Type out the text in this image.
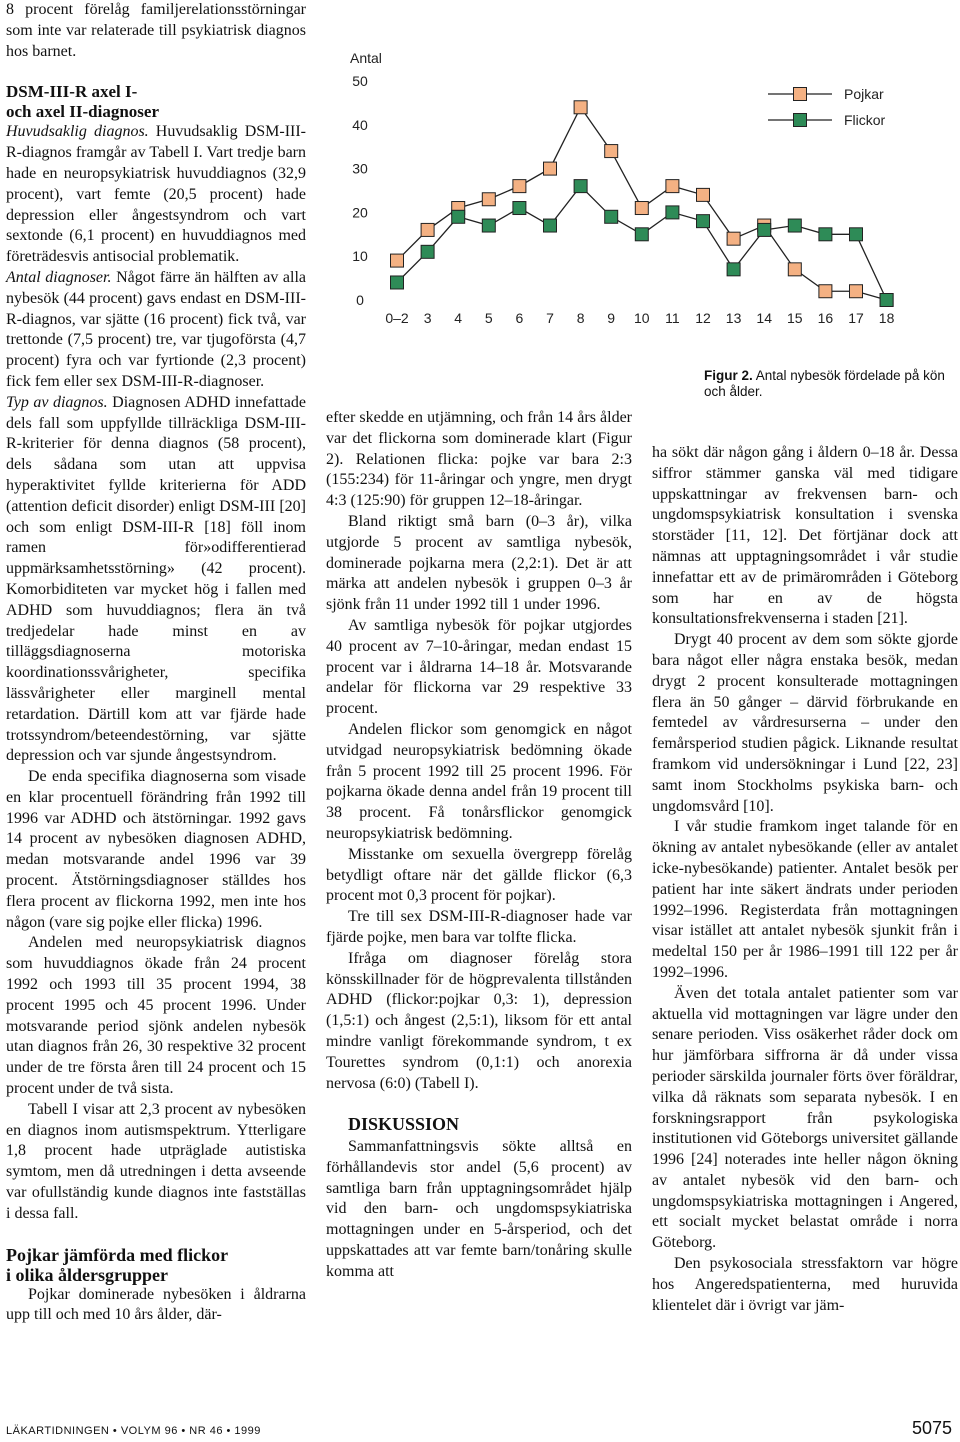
8 procent förelåg familjerelationsstörningar som inte var relaterade till psykiatrisk diagnos hos barnet.

DSM-III-R axel I-
och axel II-diagnoser

Huvudsaklig diagnos. Huvudsaklig DSM-III-R-diagnos framgår av Tabell I. Vart tredje barn hade en neuropsykiatrisk huvuddiagnos (32,9 procent), vart femte (20,5 procent) hade depression eller ångestsyndrom och vart sextonde (6,1 procent) en huvuddiagnos med företrädesvis antisocial problematik.

Antal diagnoser. Något färre än hälften av alla nybesök (44 procent) gavs endast en DSM-III-R-diagnos, var sjätte (16 procent) fick två, var trettonde (7,5 procent) tre, var tjugoförsta (4,7 procent) fyra och var fyrtionde (2,3 procent) fick fem eller sex DSM-III-R-diagnoser.

Typ av diagnos. Diagnosen ADHD innefattade dels fall som uppfyllde tillräckliga DSM-III-R-kriterier för denna diagnos (58 procent), dels sådana som utan att uppvisa hyperaktivitet fyllde kriterierna för ADD (attention deficit disorder) enligt DSM-III [20] och som enligt DSM-III-R [18] föll inom ramen för»odifferentierad uppmärksamhetsstörning» (42 procent). Komorbiditeten var mycket hög i fallen med ADHD som huvuddiagnos; flera än två tredjedelar hade minst en av tilläggsdiagnoserna motoriska koordinationssvårigheter, specifika lässvårigheter eller marginell mental retardation. Därtill kom att var fjärde hade trotssyndrom/beteendestörning, var sjätte depression och var sjunde ångestsyndrom.

De enda specifika diagnoserna som visade en klar procentuell förändring från 1992 till 1996 var ADHD och ätstörningar. 1992 gavs 14 procent av nybesöken diagnosen ADHD, medan motsvarande andel 1996 var 39 procent. Ätstörningsdiagnoser ställdes hos flera procent av flickorna 1992, men inte hos någon (vare sig pojke eller flicka) 1996.

Andelen med neuropsykiatrisk diagnos som huvuddiagnos ökade från 24 procent 1992 och 1993 till 35 procent 1994, 38 procent 1995 och 45 procent 1996. Under motsvarande period sjönk andelen nybesök utan diagnos från 26, 30 respektive 32 procent under de tre första åren till 24 procent och 15 procent under de två sista.

Tabell I visar att 2,3 procent av nybesöken en diagnos inom autismspektrum. Ytterligare 1,8 procent hade utpräglade autistiska symtom, men då utredningen i detta avseende var ofullständig kunde diagnos inte fastställas i dessa fall.

Pojkar jämförda med flickor
i olika åldersgrupper

Pojkar dominerade nybesöken i åldrarna upp till och med 10 års ålder, där-

Antal
0
10
20
30
40
50
0–2 3 4 5 6 7 8 9 10 11 12 13 14 15 16 17 18
Pojkar
Flickor
Figur 2. Antal nybesök fördelade på kön och ålder.

efter skedde en utjämning, och från 14 års ålder var det flickorna som dominerade klart (Figur 2). Relationen flicka: pojke var bara 2:3 (155:234) för 11-åringar och yngre, men drygt 4:3 (125:90) för gruppen 12–18-åringar.

Bland riktigt små barn (0–3 år), vilka utgjorde 5 procent av samtliga nybesök, dominerade pojkarna mera (2,2:1). Det är att märka att andelen nybesök i gruppen 0–3 år sjönk från 11 under 1992 till 1 under 1996.

Av samtliga nybesök för pojkar utgjordes 40 procent av 7–10-åringar, medan endast 15 procent var i åldrarna 14–18 år. Motsvarande andelar för flickorna var 29 respektive 33 procent.

Andelen flickor som genomgick en något utvidgad neuropsykiatrisk bedömning ökade från 5 procent 1992 till 25 procent 1996. För pojkarna ökade denna andel från 19 procent till 38 procent. Få tonårsflickor genomgick neuropsykiatrisk bedömning.

Misstanke om sexuella övergrepp förelåg betydligt oftare när det gällde flickor (6,3 procent mot 0,3 procent för pojkar).

Tre till sex DSM-III-R-diagnoser hade var fjärde pojke, men bara var tolfte flicka.

Ifråga om diagnoser förelåg stora könsskillnader för de högprevalenta tillstånden ADHD (flickor:pojkar 0,3: 1), depression (1,5:1) och ångest (2,5:1), liksom för ett antal mindre vanligt förekommande syndrom, t ex Tourettes syndrom (0,1:1) och anorexia nervosa (6:0) (Tabell I).

DISKUSSION

Sammanfattningsvis sökte alltså en förhållandevis stor andel (5,6 procent) av samtliga barn från upptagningsområdet hjälp vid den barn- och ungdomspsykiatriska mottagningen under en 5-årsperiod, och det uppskattades att var femte barn/tonåring skulle komma att

ha sökt där någon gång i åldern 0–18 år. Dessa siffror stämmer ganska väl med tidigare uppskattningar av frekvensen barn- och ungdomspsykiatrisk konsultation i svenska storstäder [11, 12]. Det förtjänar dock att nämnas att upptagningsområdet i vår studie innefattar ett av de primärområden i Göteborg som har en av de högsta konsultationsfrekvenserna i staden [21].

Drygt 40 procent av dem som sökte gjorde bara något eller några enstaka besök, medan drygt 2 procent konsulterade mottagningen flera än 50 gånger – därvid förbrukande en femtedel av vårdresurserna – under den femårsperiod studien pågick. Liknande resultat framkom vid undersökningar i Lund [22, 23] samt inom Stockholms psykiska barn- och ungdomsvård [10].

I vår studie framkom inget talande för en ökning av antalet nybesökande (eller av antalet icke-nybesökande) patienter. Antalet besök per patient har inte säkert ändrats under perioden 1992–1996. Registerdata från mottagningen visar istället att antalet nybesök sjunkit från i medeltal 150 per år 1986–1991 till 122 per år 1992–1996.

Även det totala antalet patienter som var aktuella vid mottagningen var lägre under den senare perioden. Viss osäkerhet råder dock om hur jämförbara siffrorna är då under vissa perioder särskilda journaler förts över föräldrar, vilka då räknats som separata nybesök. I en forskningsrapport från psykologiska institutionen vid Göteborgs universitet gällande 1996 [24] noterades inte heller någon ökning av antalet nybesök vid den barn- och ungdomspsykiatriska mottagningen i Angered, ett socialt mycket belastat område i norra Göteborg.

Den psykosociala stressfaktorn var högre hos Angeredspatienterna, med huruvida klientelet där i övrigt var jäm-

LÄKARTIDNINGEN • VOLYM 96 • NR 46 • 1999	5075
